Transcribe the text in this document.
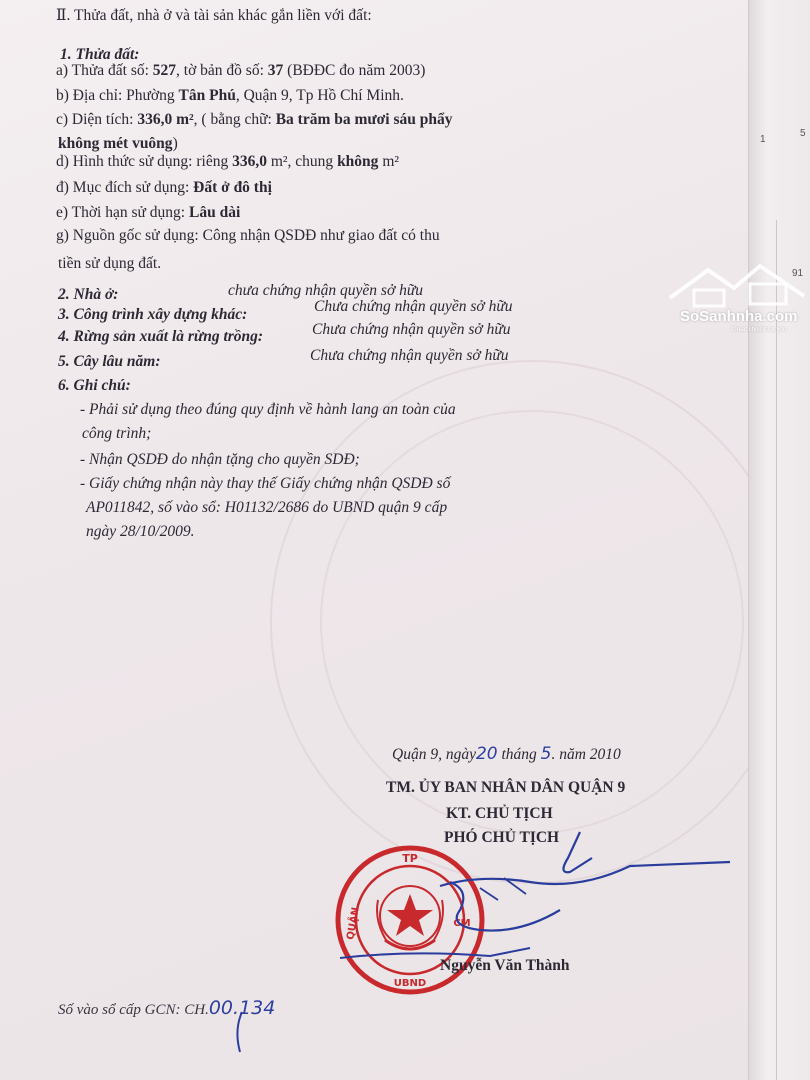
1
5
91
Ⅱ. Thửa đất, nhà ở và tài sản khác gắn liền với đất:
1. Thửa đất:
a) Thửa đất số: 527, tờ bản đồ số: 37 (BĐĐC đo năm 2003)
b) Địa chỉ: Phường Tân Phú, Quận 9, Tp Hồ Chí Minh.
c) Diện tích: 336,0 m², ( bằng chữ: Ba trăm ba mươi sáu phẩy
không mét vuông)
d) Hình thức sử dụng: riêng 336,0 m², chung không m²
đ) Mục đích sử dụng: Đất ở đô thị
e) Thời hạn sử dụng: Lâu dài
g) Nguồn gốc sử dụng: Công nhận QSDĐ như giao đất có thu
tiền sử dụng đất.
2. Nhà ở:	chưa chứng nhận quyền sở hữu
3. Công trình xây dựng khác:	Chưa chứng nhận quyền sở hữu
4. Rừng sản xuất là rừng trồng:	Chưa chứng nhận quyền sở hữu
5. Cây lâu năm:	Chưa chứng nhận quyền sở hữu
6. Ghi chú:
- Phải sử dụng theo đúng quy định về hành lang an toàn của
công trình;
- Nhận QSDĐ do nhận tặng cho quyền SDĐ;
- Giấy chứng nhận này thay thế Giấy chứng nhận QSDĐ số
AP011842, số vào sổ: H01132/2686 do UBND quận 9 cấp
ngày 28/10/2009.
Quận 9, ngày20 tháng 5. năm 2010
TM. ỦY BAN NHÂN DÂN QUẬN 9
KT. CHỦ TỊCH
PHÓ CHỦ TỊCH
TP
CM
QUẬN
UBND
Nguyễn Văn Thành
Số vào sổ cấp GCN: CH.00.134
SoSanhnha.com
Great choice for you
